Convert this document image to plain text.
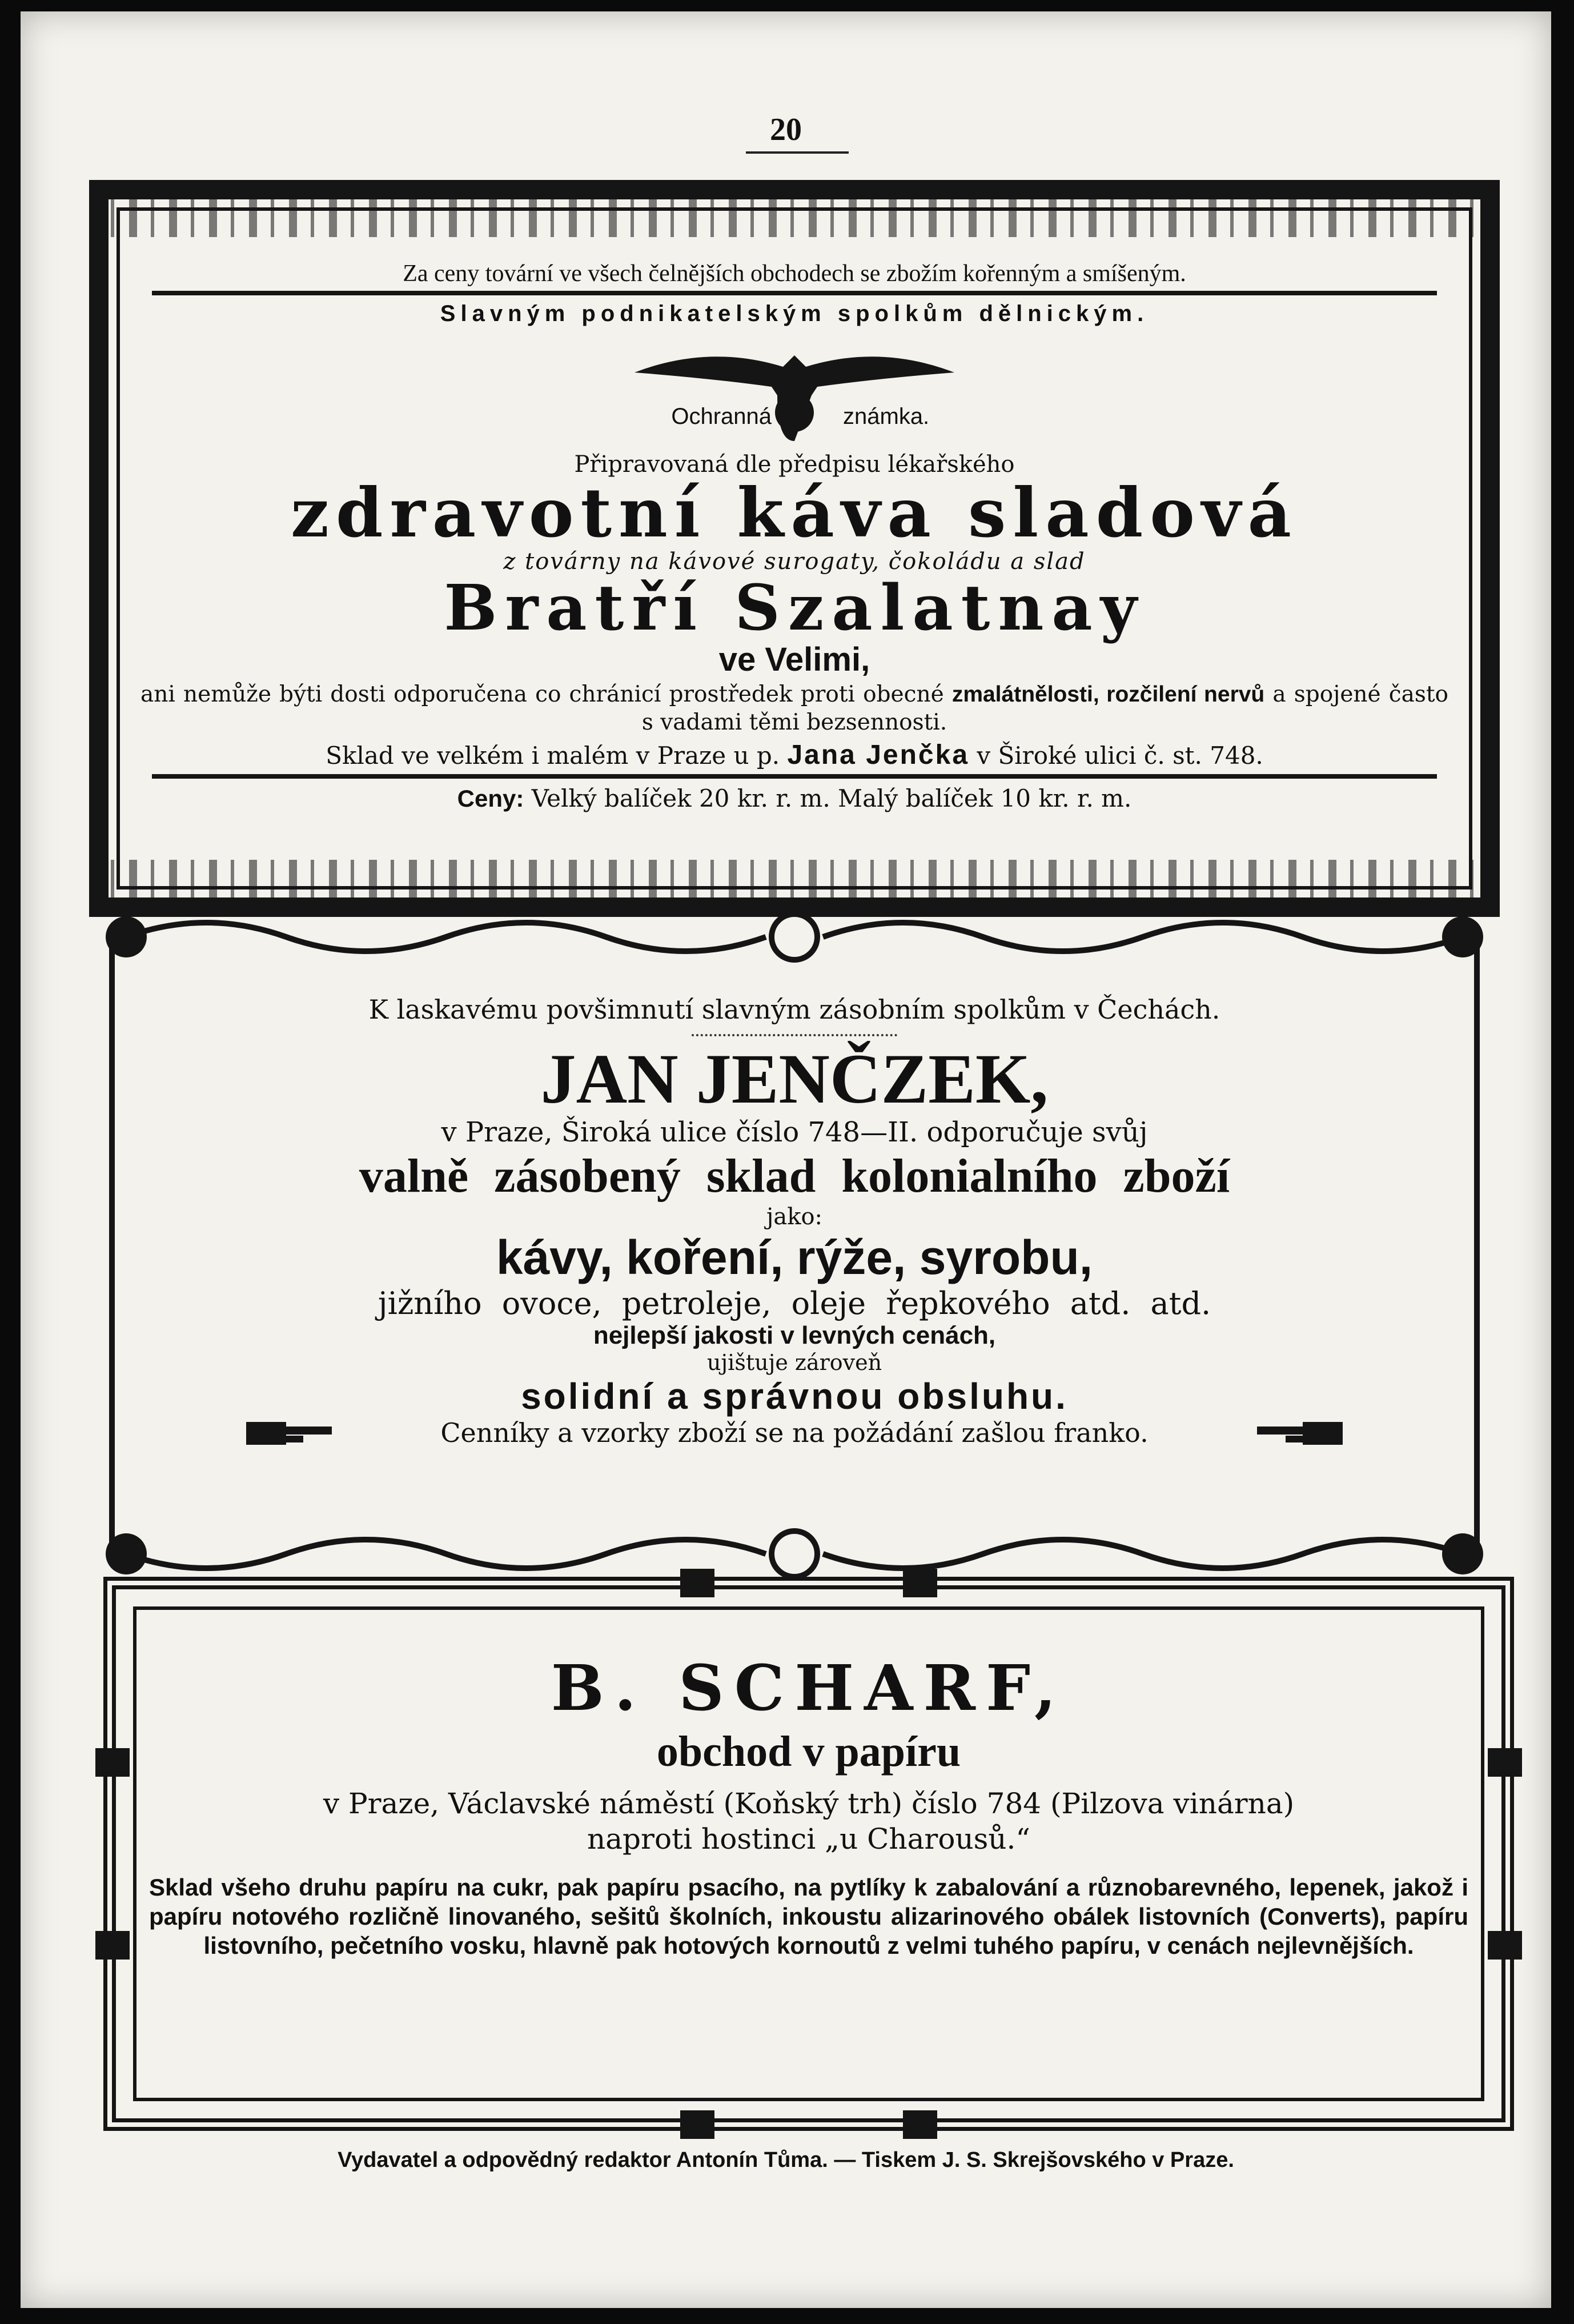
20
Za ceny tovární ve všech čelnějších obchodech se zbožím kořenným a smíšeným.
Slavným podnikatelským spolkům dělnickým.
Ochranná	známka.
Připravovaná dle předpisu lékařského
zdravotní káva sladová
z továrny na kávové surogaty, čokoládu a slad
Bratří Szalatnay
ve Velimi,
ani nemůže býti dosti odporučena co chránicí prostředek proti obecné zmalátnělosti, rozčilení nervů a spojené často s vadami těmi bezsennosti.
Sklad ve velkém i malém v Praze u p. Jana Jenčka v Široké ulici č. st. 748.
Ceny: Velký balíček 20 kr. r. m. Malý balíček 10 kr. r. m.
K laskavému povšimnutí slavným zásobním spolkům v Čechách.
JAN JENČZEK,
v Praze, Široká ulice číslo 748—II. odporučuje svůj
valně zásobený sklad kolonialního zboží
jako:
kávy, koření, rýže, syrobu,
jižního ovoce, petroleje, oleje řepkového atd. atd.
nejlepší jakosti v levných cenách,
ujištuje zároveň
solidní a správnou obsluhu.
Cenníky a vzorky zboží se na požádání zašlou franko.
B. SCHARF,
obchod v papíru
v Praze, Václavské náměstí (Koňský trh) číslo 784 (Pilzova vinárna)
naproti hostinci „u Charousů.“
Sklad všeho druhu papíru na cukr, pak papíru psacího, na pytlíky k zabalování a různobarevného, lepenek, jakož i papíru notového rozličně linovaného, sešitů školních, inkoustu alizarinového obálek listovních (Converts), papíru listovního, pečetního vosku, hlavně pak hotových kornoutů z velmi tuhého papíru, v cenách nejlevnějších.
Vydavatel a odpovědný redaktor Antonín Tůma. — Tiskem J. S. Skrejšovského v Praze.
